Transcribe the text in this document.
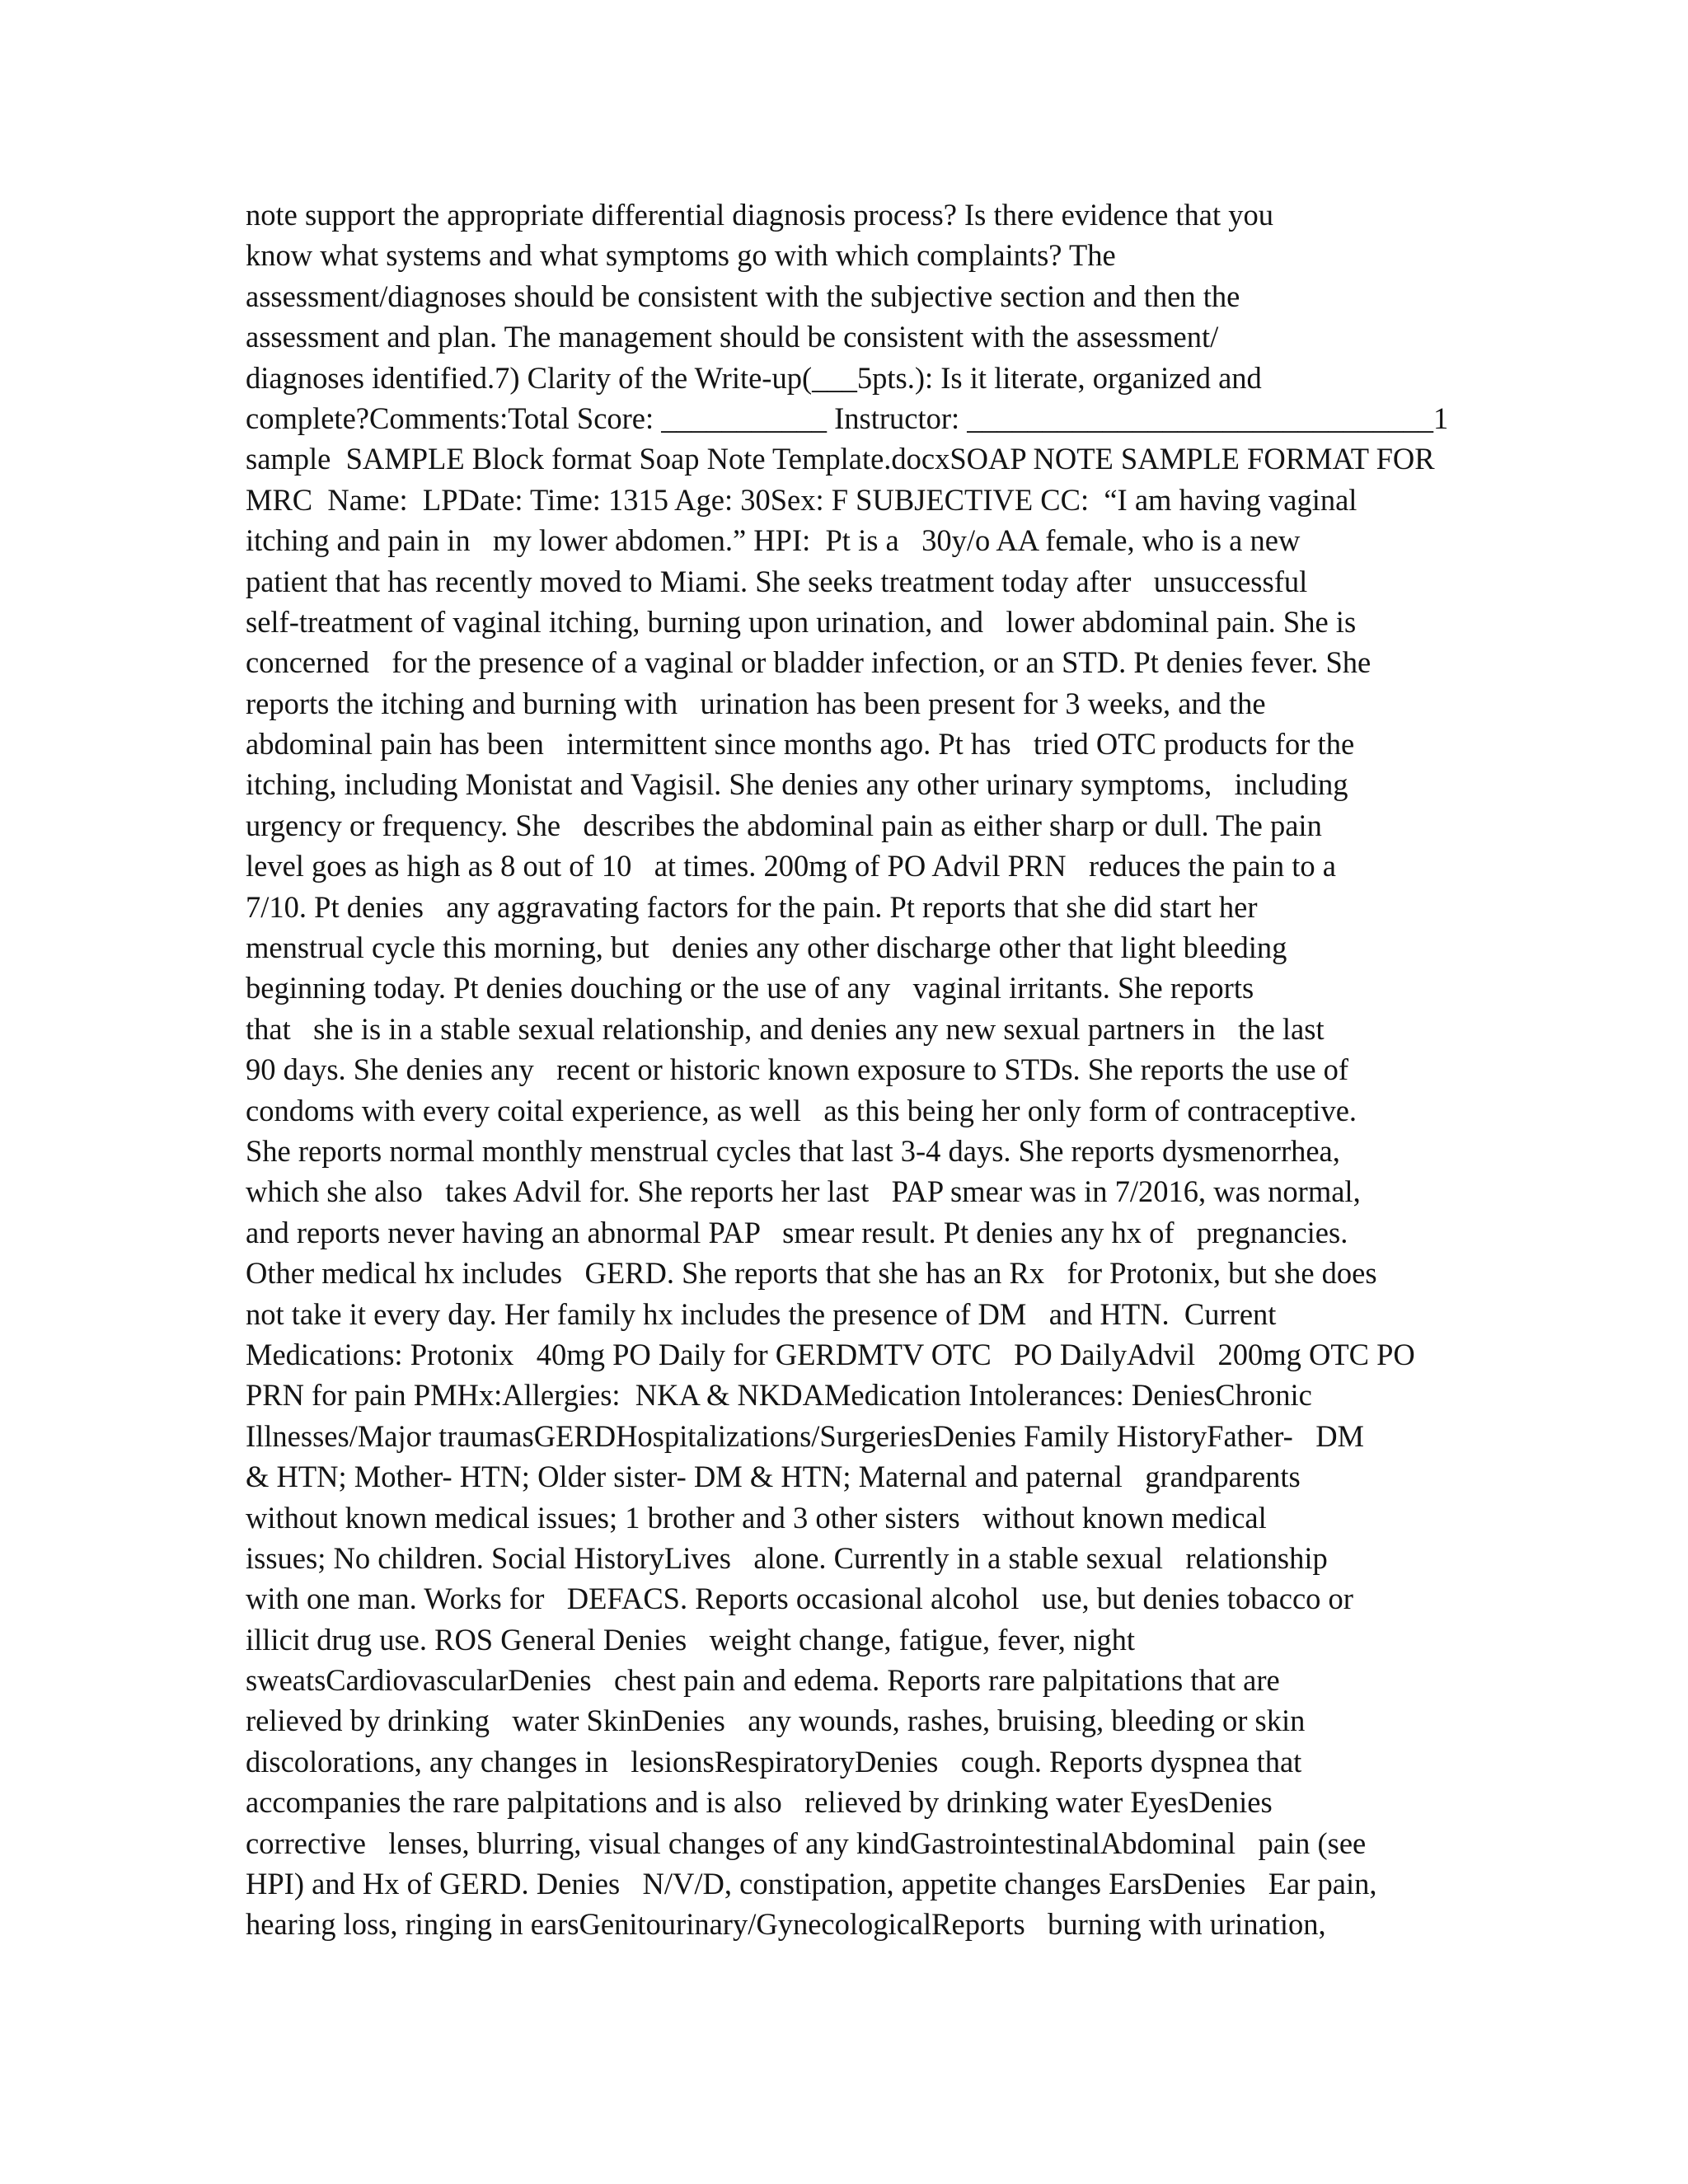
note support the appropriate differential diagnosis process? Is there evidence that you
know what systems and what symptoms go with which complaints? The
assessment/diagnoses should be consistent with the subjective section and then the
assessment and plan. The management should be consistent with the assessment/
diagnoses identified.7) Clarity of the Write-up(___5pts.): Is it literate, organized and
complete?Comments:Total Score: ___________ Instructor: _______________________________1
sample  SAMPLE Block format Soap Note Template.docxSOAP NOTE SAMPLE FORMAT FOR
MRC  Name:  LPDate: Time: 1315 Age: 30Sex: F SUBJECTIVE CC:  “I am having vaginal
itching and pain in   my lower abdomen.” HPI:  Pt is a   30y/o AA female, who is a new
patient that has recently moved to Miami. She seeks treatment today after   unsuccessful
self-treatment of vaginal itching, burning upon urination, and   lower abdominal pain. She is
concerned   for the presence of a vaginal or bladder infection, or an STD. Pt denies fever. She
reports the itching and burning with   urination has been present for 3 weeks, and the
abdominal pain has been   intermittent since months ago. Pt has   tried OTC products for the
itching, including Monistat and Vagisil. She denies any other urinary symptoms,   including
urgency or frequency. She   describes the abdominal pain as either sharp or dull. The pain
level goes as high as 8 out of 10   at times. 200mg of PO Advil PRN   reduces the pain to a
7/10. Pt denies   any aggravating factors for the pain. Pt reports that she did start her
menstrual cycle this morning, but   denies any other discharge other that light bleeding
beginning today. Pt denies douching or the use of any   vaginal irritants. She reports
that   she is in a stable sexual relationship, and denies any new sexual partners in   the last
90 days. She denies any   recent or historic known exposure to STDs. She reports the use of
condoms with every coital experience, as well   as this being her only form of contraceptive.
She reports normal monthly menstrual cycles that last 3-4 days. She reports dysmenorrhea,
which she also   takes Advil for. She reports her last   PAP smear was in 7/2016, was normal,
and reports never having an abnormal PAP   smear result. Pt denies any hx of   pregnancies.
Other medical hx includes   GERD. She reports that she has an Rx   for Protonix, but she does
not take it every day. Her family hx includes the presence of DM   and HTN.  Current
Medications: Protonix   40mg PO Daily for GERDMTV OTC   PO DailyAdvil   200mg OTC PO
PRN for pain PMHx:Allergies:  NKA & NKDAMedication Intolerances: DeniesChronic
Illnesses/Major traumasGERDHospitalizations/SurgeriesDenies Family HistoryFather-   DM
& HTN; Mother- HTN; Older sister- DM & HTN; Maternal and paternal   grandparents
without known medical issues; 1 brother and 3 other sisters   without known medical
issues; No children. Social HistoryLives   alone. Currently in a stable sexual   relationship
with one man. Works for   DEFACS. Reports occasional alcohol   use, but denies tobacco or
illicit drug use. ROS General Denies   weight change, fatigue, fever, night
sweatsCardiovascularDenies   chest pain and edema. Reports rare palpitations that are
relieved by drinking   water SkinDenies   any wounds, rashes, bruising, bleeding or skin
discolorations, any changes in   lesionsRespiratoryDenies   cough. Reports dyspnea that
accompanies the rare palpitations and is also   relieved by drinking water EyesDenies
corrective   lenses, blurring, visual changes of any kindGastrointestinalAbdominal   pain (see
HPI) and Hx of GERD. Denies   N/V/D, constipation, appetite changes EarsDenies   Ear pain,
hearing loss, ringing in earsGenitourinary/GynecologicalReports   burning with urination,
